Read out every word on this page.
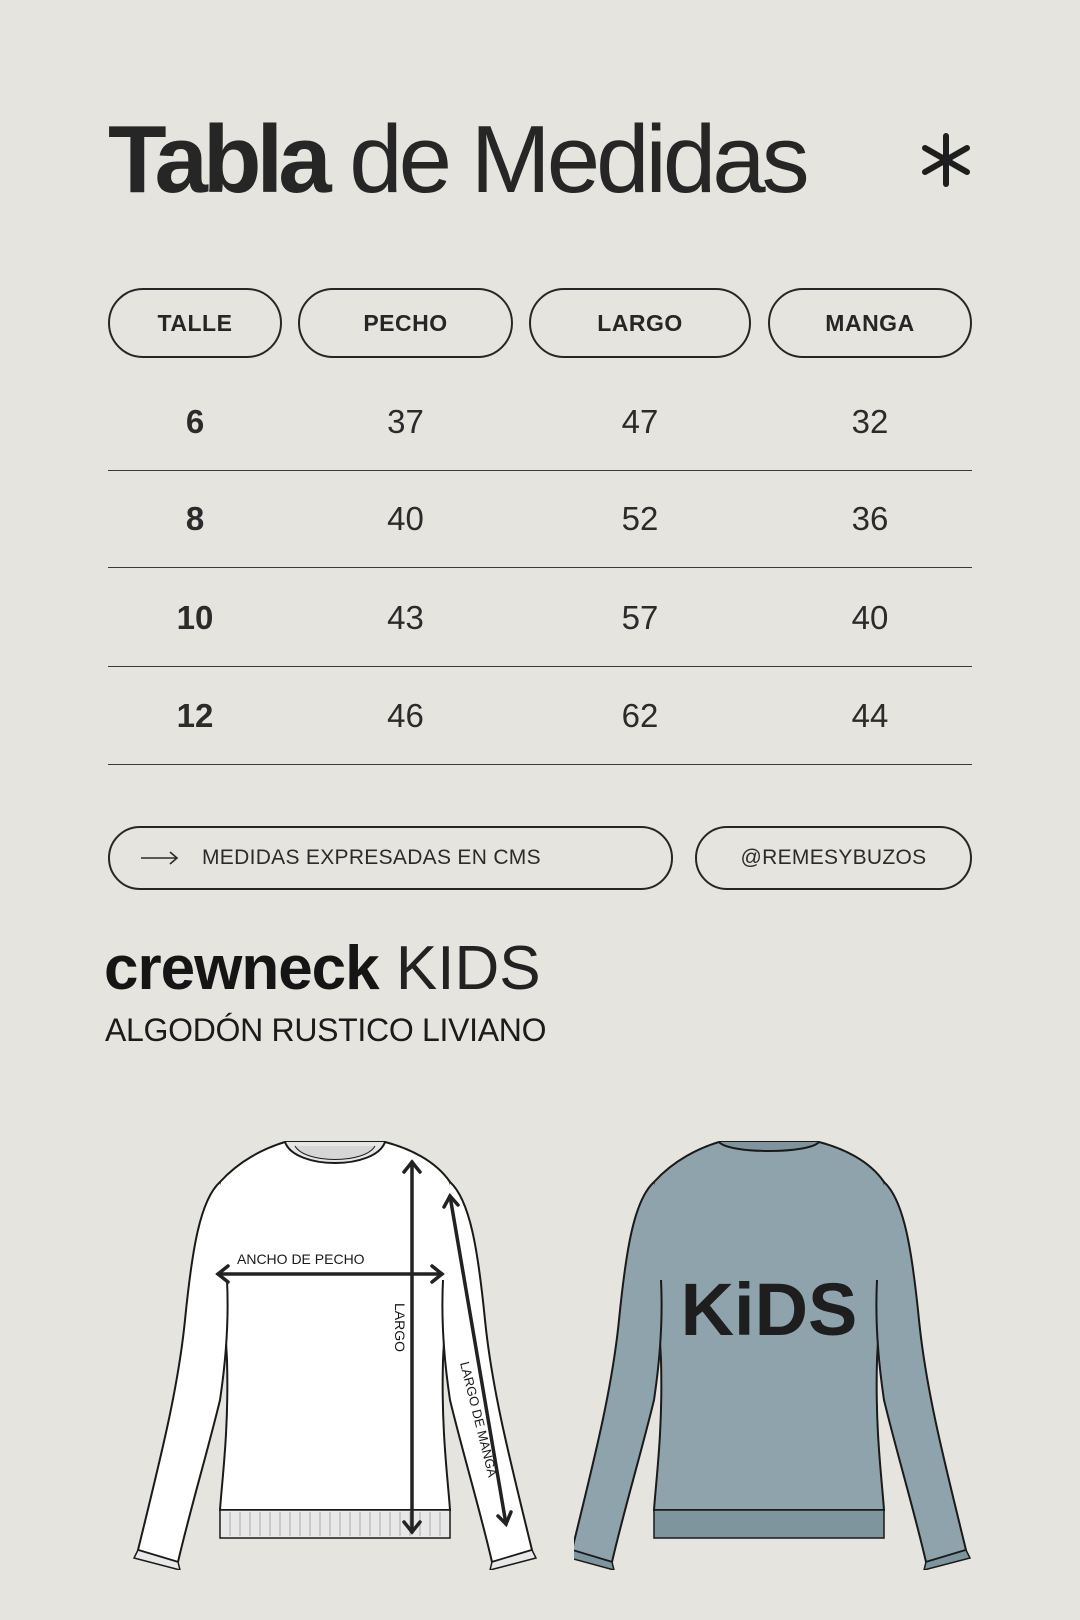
Tabla de Medidas
TALLE	PECHO	LARGO	MANGA
6	37	47	32
8	40	52	36
10	43	57	40
12	46	62	44
MEDIDAS EXPRESADAS EN CMS	@REMESYBUZOS
crewneck KIDS
ALGODÓN RUSTICO LIVIANO
ANCHO DE PECHO
LARGO
LARGO DE MANGA
KiDS
